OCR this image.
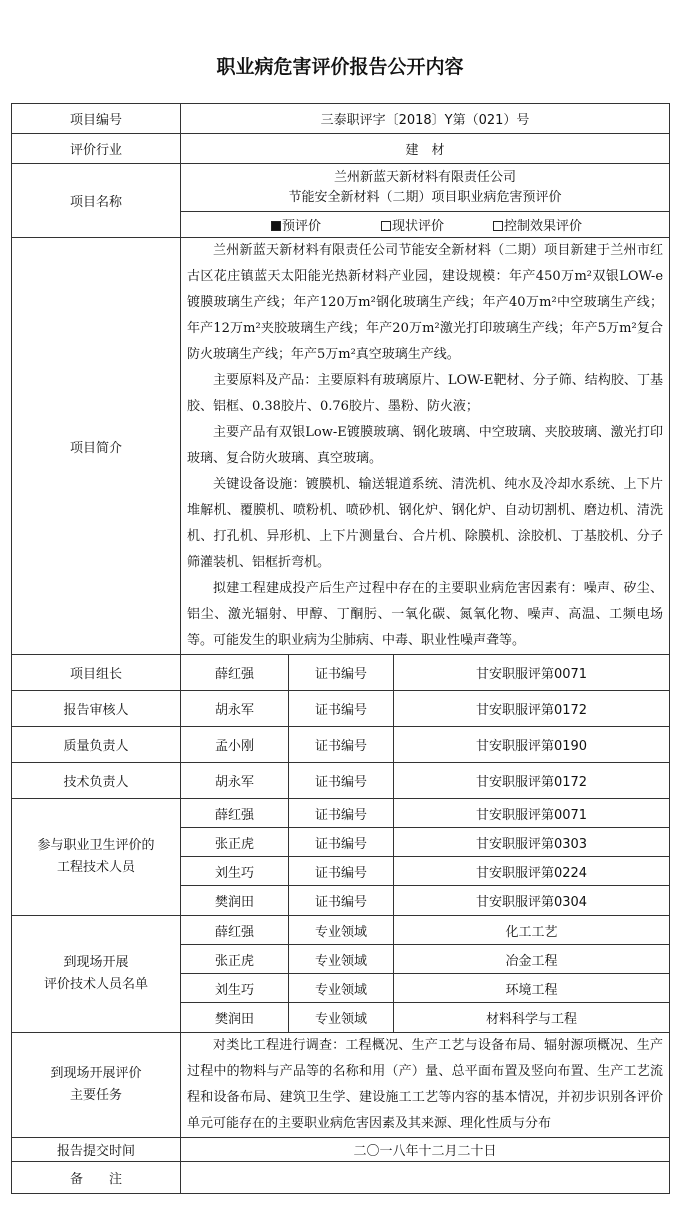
职业病危害评价报告公开内容
项目编号	三泰职评字〔2018〕Y第（021）号		
评价行业	建　材		
项目名称	兰州新蓝天新材料有限责任公司
节能安全新材料（二期）项目职业病危害预评价		

	预评价 现状评价 控制效果评价		
项目简介	兰州新蓝天新材料有限责任公司节能安全新材料（二期）项目新建于兰州市红古区花庄镇蓝天太阳能光热新材料产业园，建设规模：年产450万m²双银LOW-e镀膜玻璃生产线；年产120万m²钢化玻璃生产线；年产40万m²中空玻璃生产线；年产12万m²夹胶玻璃生产线；年产20万m²激光打印玻璃生产线；年产5万m²复合防火玻璃生产线；年产5万m²真空玻璃生产线。

主要原料及产品：主要原料有玻璃原片、LOW-E靶材、分子筛、结构胶、丁基胶、铝框、0.38胶片、0.76胶片、墨粉、防火液；

主要产品有双银Low-E镀膜玻璃、钢化玻璃、中空玻璃、夹胶玻璃、激光打印玻璃、复合防火玻璃、真空玻璃。

关键设备设施：镀膜机、输送辊道系统、清洗机、纯水及冷却水系统、上下片堆解机、覆膜机、喷粉机、喷砂机、钢化炉、钢化炉、自动切割机、磨边机、清洗机、打孔机、异形机、上下片测量台、合片机、除膜机、涂胶机、丁基胶机、分子筛灌装机、铝框折弯机。

拟建工程建成投产后生产过程中存在的主要职业病危害因素有：噪声、矽尘、铝尘、激光辐射、甲醇、丁酮肟、一氧化碳、氮氧化物、噪声、高温、工频电场等。可能发生的职业病为尘肺病、中毒、职业性噪声聋等。		

项目组长	薛红强	证书编号	甘安职服评第0071
报告审核人	胡永军	证书编号	甘安职服评第0172
质量负责人	孟小刚	证书编号	甘安职服评第0190
技术负责人	胡永军	证书编号	甘安职服评第0172

参与职业卫生评价的
工程技术人员	薛红强	证书编号	甘安职服评第0071
	张正虎	证书编号	甘安职服评第0303
	刘生巧	证书编号	甘安职服评第0224
	樊润田	证书编号	甘安职服评第0304

到现场开展
评价技术人员名单	薛红强	专业领域	化工工艺
	张正虎	专业领域	冶金工程
	刘生巧	专业领域	环境工程
	樊润田	专业领域	材料科学与工程

到现场开展评价
主要任务	对类比工程进行调查：工程概况、生产工艺与设备布局、辐射源项概况、生产过程中的物料与产品等的名称和用（产）量、总平面布置及竖向布置、生产工艺流程和设备布局、建筑卫生学、建设施工工艺等内容的基本情况，并初步识别各评价单元可能存在的主要职业病危害因素及其来源、理化性质与分布		

报告提交时间	二〇一八年十二月二十日		
备　　注			
